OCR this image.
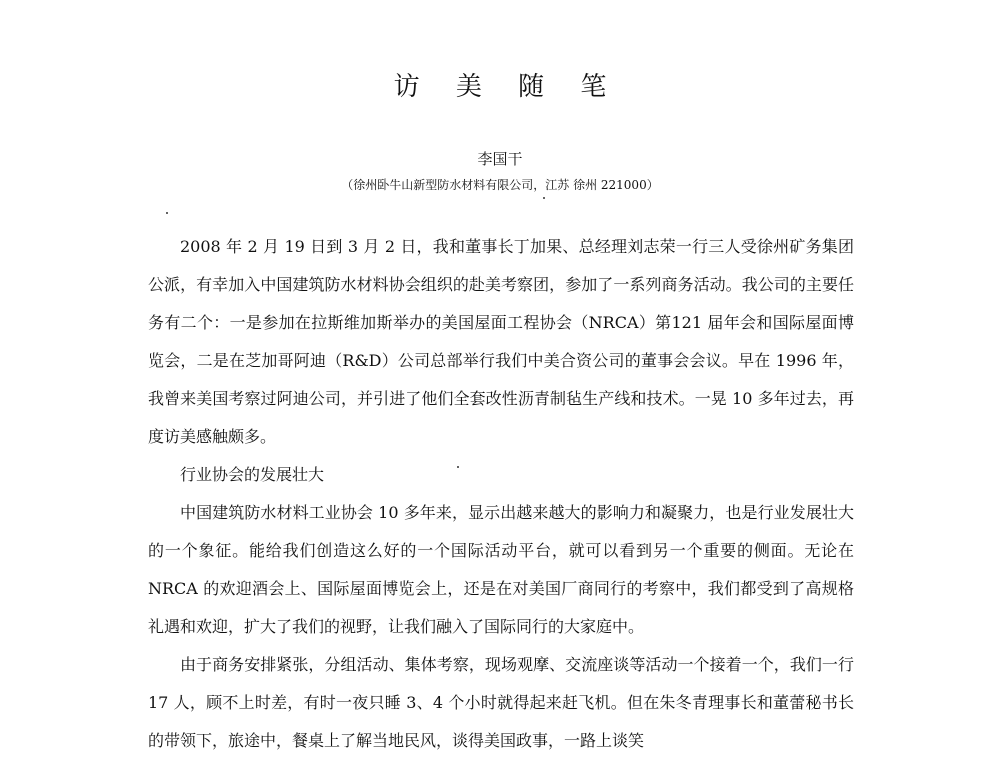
访 美 随 笔
李国干
（徐州卧牛山新型防水材料有限公司，江苏 徐州 221000）

2008 年 2 月 19 日到 3 月 2 日，我和董事长丁加果、总经理刘志荣一行三人受徐州矿务集团公派，有幸加入中国建筑防水材料协会组织的赴美考察团，参加了一系列商务活动。我公司的主要任务有二个：一是参加在拉斯维加斯举办的美国屋面工程协会（NRCA）第121 届年会和国际屋面博览会，二是在芝加哥阿迪（R&D）公司总部举行我们中美合资公司的董事会会议。早在 1996 年，我曾来美国考察过阿迪公司，并引进了他们全套改性沥青制毡生产线和技术。一晃 10 多年过去，再度访美感触颇多。

行业协会的发展壮大

中国建筑防水材料工业协会 10 多年来，显示出越来越大的影响力和凝聚力，也是行业发展壮大的一个象征。能给我们创造这么好的一个国际活动平台，就可以看到另一个重要的侧面。无论在 NRCA 的欢迎酒会上、国际屋面博览会上，还是在对美国厂商同行的考察中，我们都受到了高规格礼遇和欢迎，扩大了我们的视野，让我们融入了国际同行的大家庭中。

由于商务安排紧张，分组活动、集体考察，现场观摩、交流座谈等活动一个接着一个，我们一行 17 人，顾不上时差，有时一夜只睡 3、4 个小时就得起来赶飞机。但在朱冬青理事长和董蕾秘书长的带领下，旅途中，餐桌上了解当地民风，谈得美国政事，一路上谈笑
